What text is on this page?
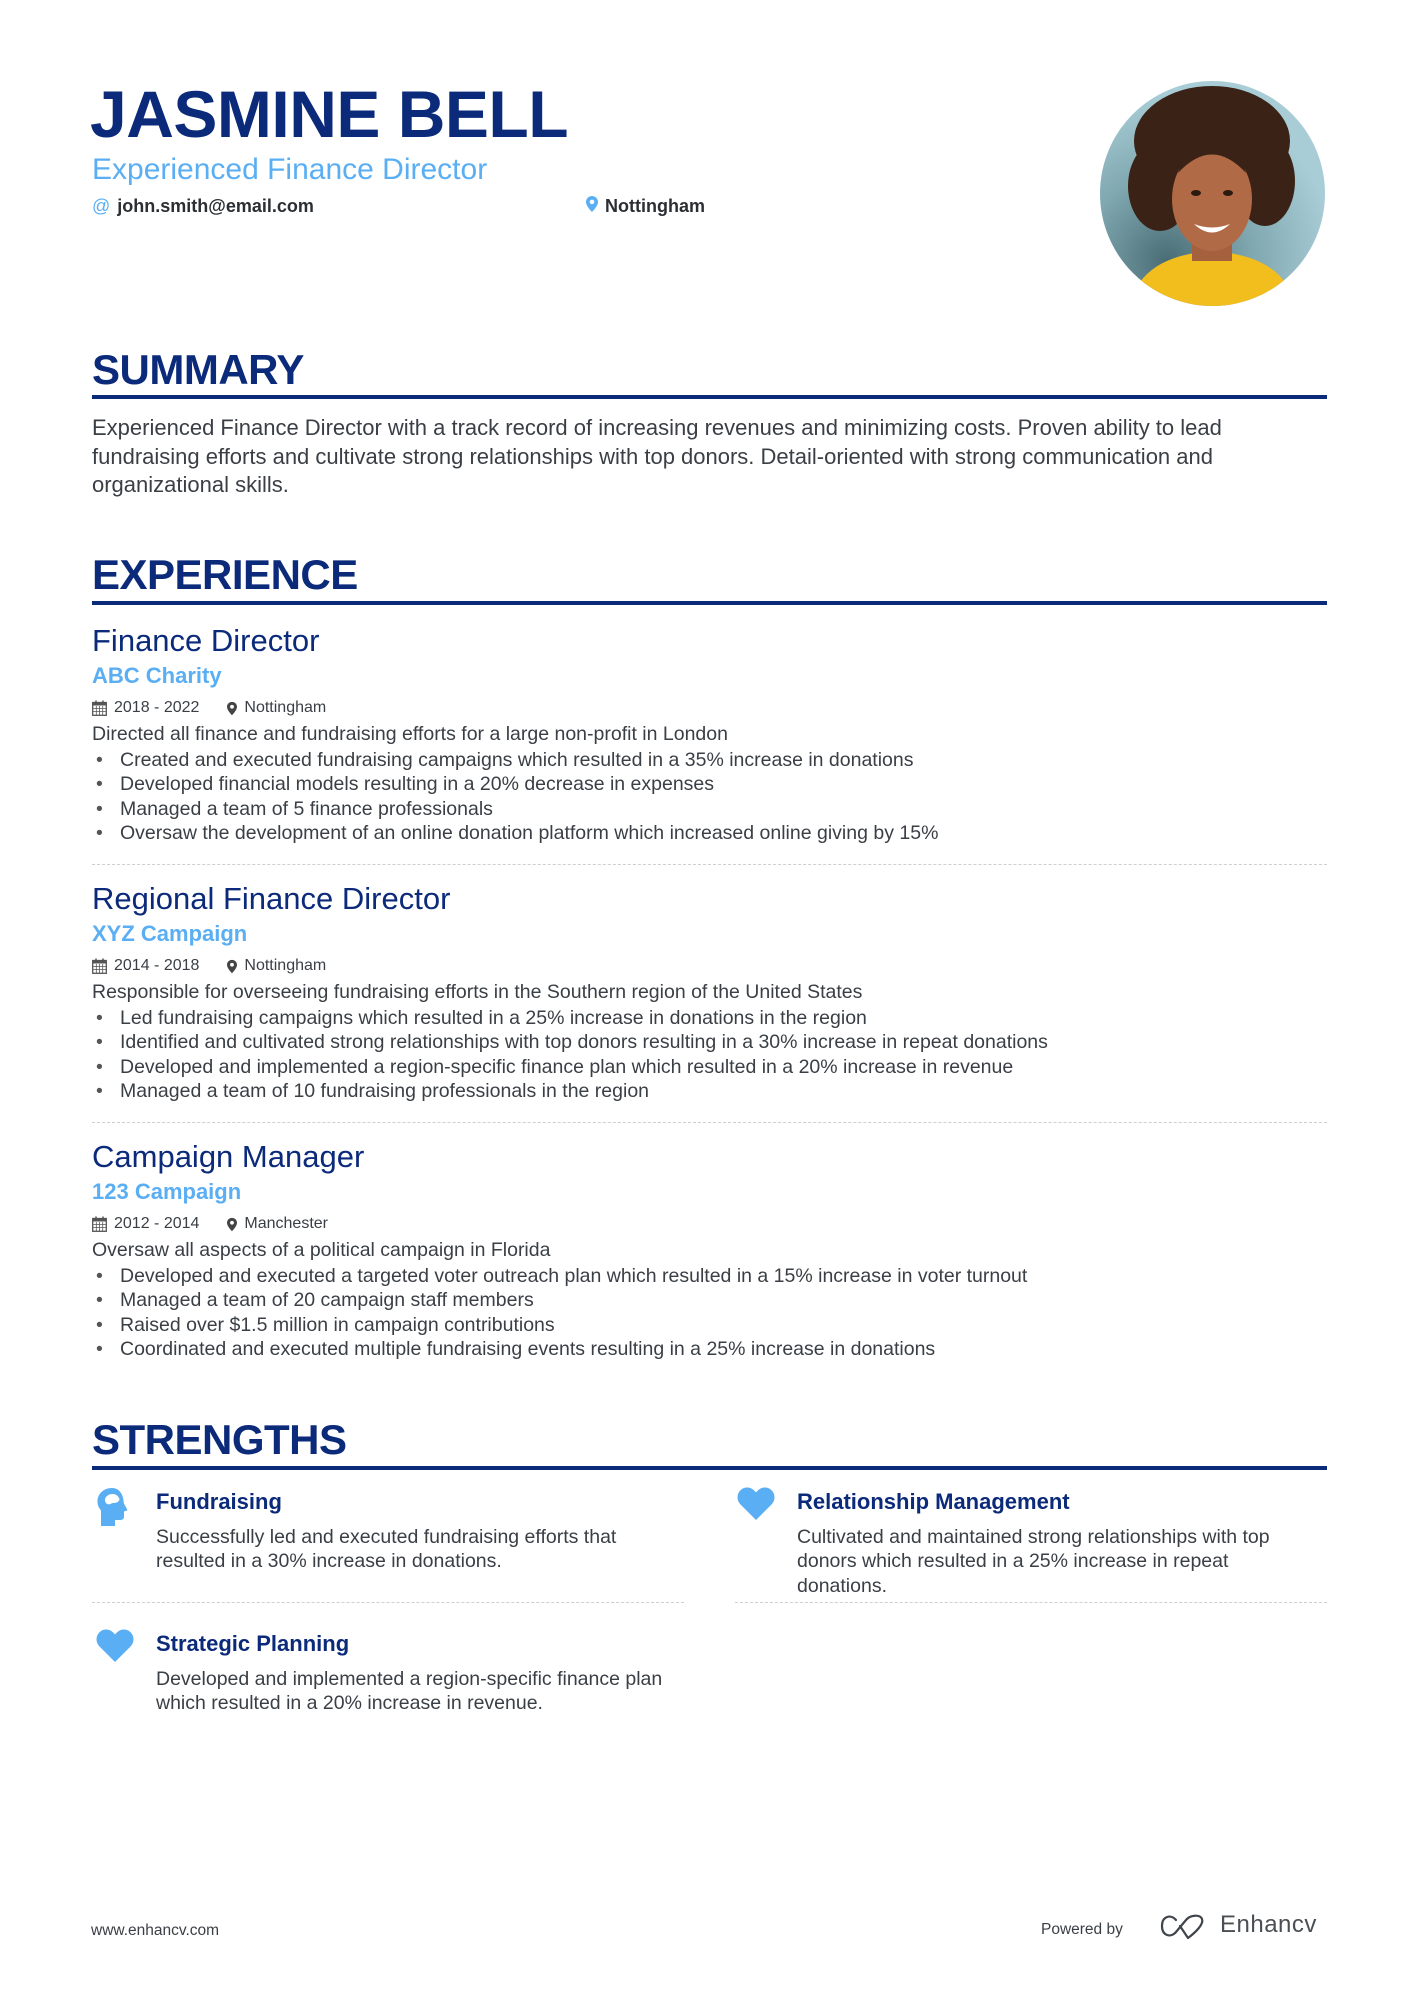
JASMINE BELL
Experienced Finance Director
@ john.smith@email.com	Nottingham
SUMMARY
Experienced Finance Director with a track record of increasing revenues and minimizing costs. Proven ability to lead fundraising efforts and cultivate strong relationships with top donors. Detail-oriented with strong communication and organizational skills.
EXPERIENCE
Finance Director
ABC Charity
2018 - 2022	Nottingham
Directed all finance and fundraising efforts for a large non-profit in London
• Created and executed fundraising campaigns which resulted in a 35% increase in donations
• Developed financial models resulting in a 20% decrease in expenses
• Managed a team of 5 finance professionals
• Oversaw the development of an online donation platform which increased online giving by 15%
Regional Finance Director
XYZ Campaign
2014 - 2018	Nottingham
Responsible for overseeing fundraising efforts in the Southern region of the United States
• Led fundraising campaigns which resulted in a 25% increase in donations in the region
• Identified and cultivated strong relationships with top donors resulting in a 30% increase in repeat donations
• Developed and implemented a region-specific finance plan which resulted in a 20% increase in revenue
• Managed a team of 10 fundraising professionals in the region
Campaign Manager
123 Campaign
2012 - 2014	Manchester
Oversaw all aspects of a political campaign in Florida
• Developed and executed a targeted voter outreach plan which resulted in a 15% increase in voter turnout
• Managed a team of 20 campaign staff members
• Raised over $1.5 million in campaign contributions
• Coordinated and executed multiple fundraising events resulting in a 25% increase in donations
STRENGTHS
Fundraising
Successfully led and executed fundraising efforts that resulted in a 30% increase in donations.
Relationship Management
Cultivated and maintained strong relationships with top donors which resulted in a 25% increase in repeat donations.
Strategic Planning
Developed and implemented a region-specific finance plan which resulted in a 20% increase in revenue.
www.enhancv.com	Powered by	Enhancv
